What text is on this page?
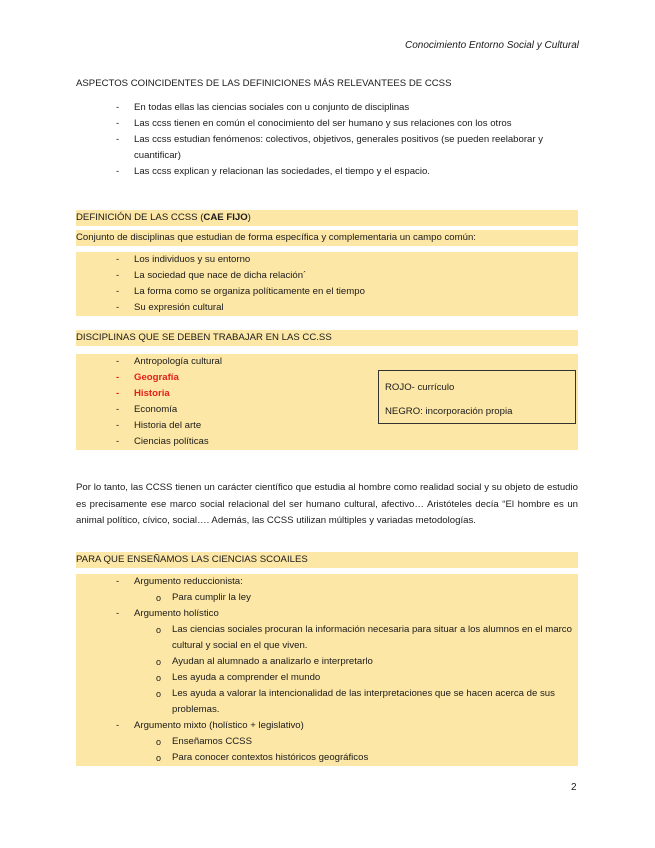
Conocimiento Entorno Social y Cultural
ASPECTOS COINCIDENTES DE LAS DEFINICIONES MÁS RELEVANTEES DE CCSS
- En todas ellas las ciencias sociales con u conjunto de disciplinas
- Las ccss tienen en común el conocimiento del ser humano y sus relaciones con los otros
- Las ccss estudian fenómenos: colectivos, objetivos, generales positivos (se pueden reelaborar y cuantificar)
- Las ccss explican y relacionan las sociedades, el tiempo y el espacio.
DEFINICIÓN DE LAS CCSS (CAE FIJO)
Conjunto de disciplinas que estudian de forma específica y complementaria un campo común:
- Los individuos y su entorno
- La sociedad que nace de dicha relación´
- La forma como se organiza políticamente en el tiempo
- Su expresión cultural
DISCIPLINAS QUE SE DEBEN TRABAJAR EN LAS CC.SS
- Antropología cultural
- Geografía
- Historia
- Economía
- Historia del arte
- Ciencias políticas
ROJO- currículo
NEGRO: incorporación propia
Por lo tanto, las CCSS tienen un carácter científico que estudia al hombre como realidad social y su objeto de estudio es precisamente ese marco social relacional del ser humano cultural, afectivo… Aristóteles decía “El hombre es un animal político, cívico, social…. Además, las CCSS utilizan múltiples y variadas metodologías.
PARA QUE ENSEÑAMOS LAS CIENCIAS SCOAILES
- Argumento reduccionista:
o Para cumplir la ley
- Argumento holístico
o Las ciencias sociales procuran la información necesaria para situar a los alumnos en el marco cultural y social en el que viven.
o Ayudan al alumnado a analizarlo e interpretarlo
o Les ayuda a comprender el mundo
o Les ayuda a valorar la intencionalidad de las interpretaciones que se hacen acerca de sus problemas.
- Argumento mixto (holístico + legislativo)
o Enseñamos CCSS
o Para conocer contextos históricos geográficos
2
